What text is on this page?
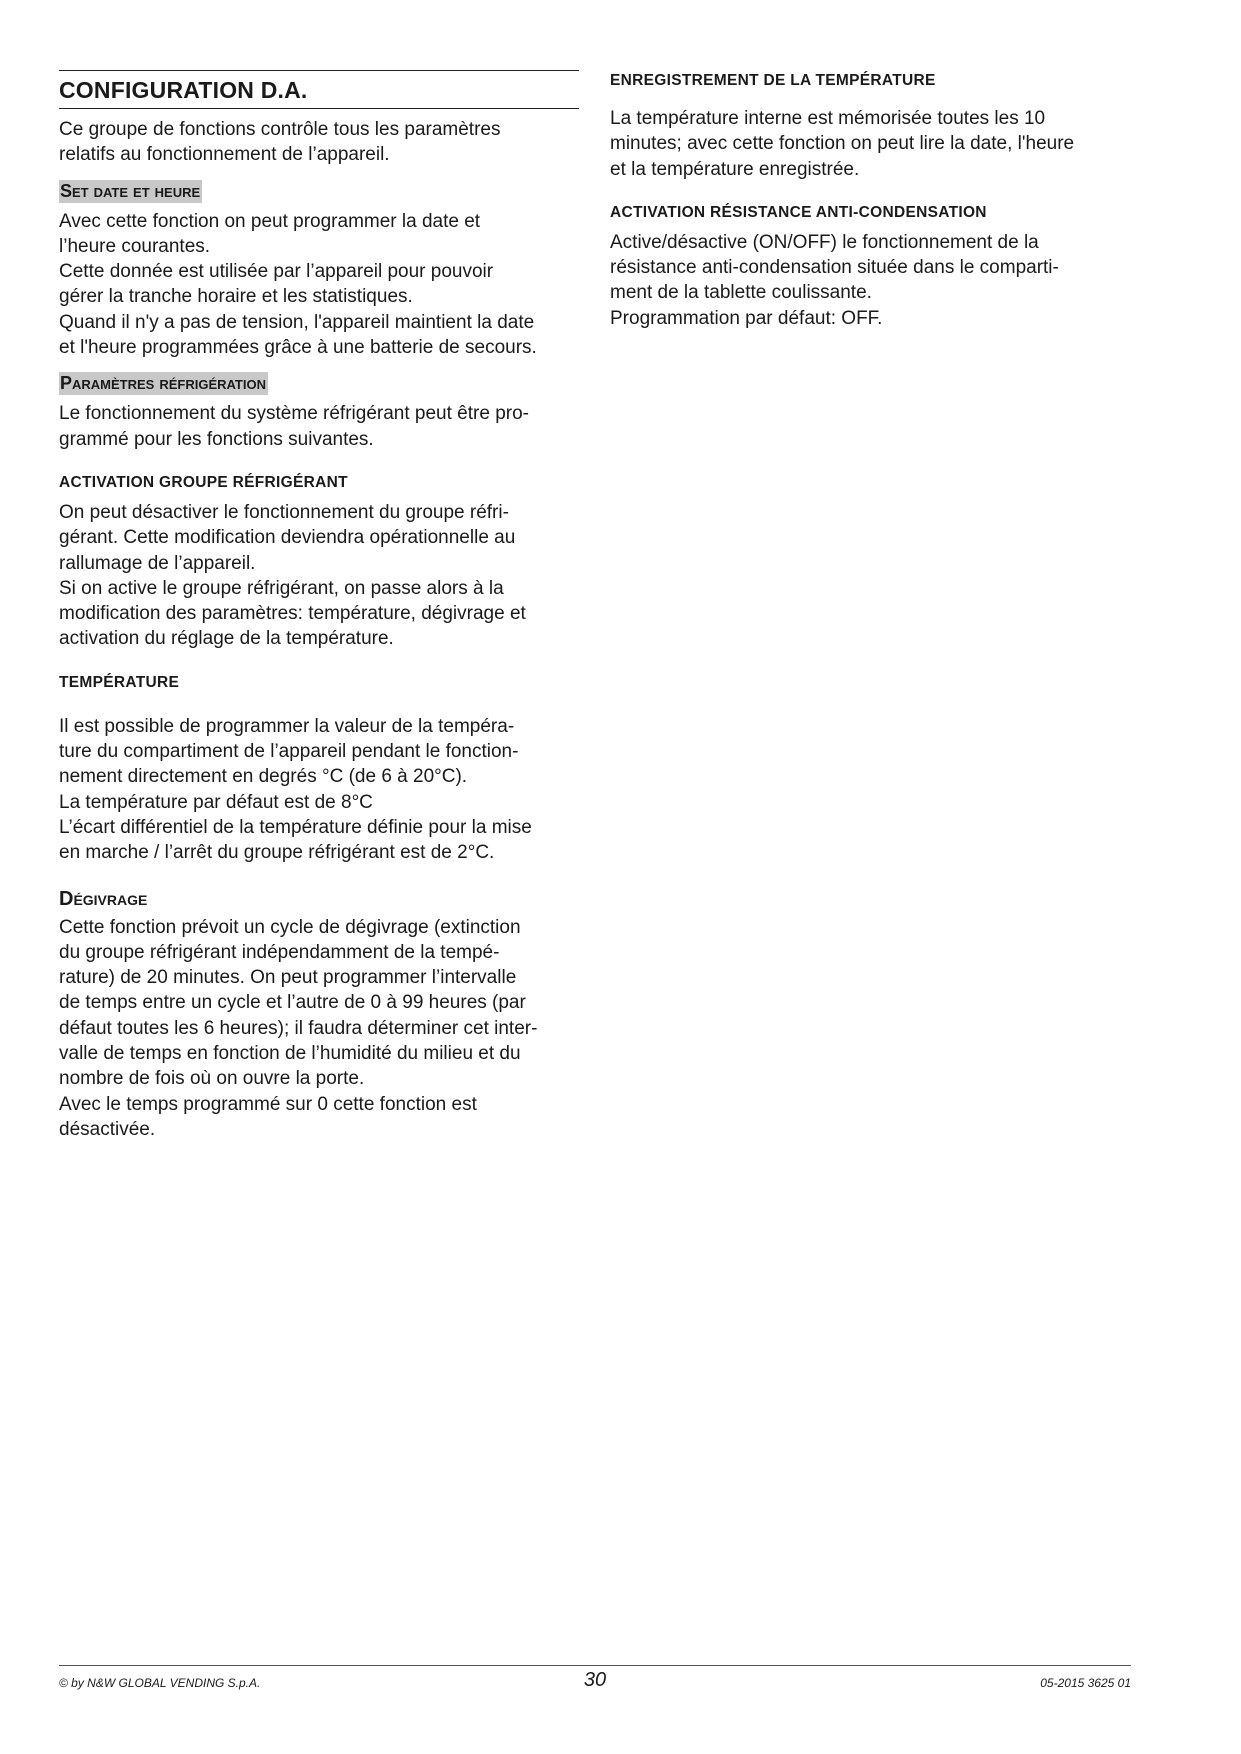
CONFIGURATION D.A.

Ce groupe de fonctions contrôle tous les paramètres

relatifs au fonctionnement de l’appareil.

Set date et heure

Avec cette fonction on peut programmer la date et

l’heure courantes.

Cette donnée est utilisée par l’appareil pour pouvoir

gérer la tranche horaire et les statistiques.

Quand il n'y a pas de tension, l'appareil maintient la date

et l'heure programmées grâce à une batterie de secours.

Paramètres réfrigération

Le fonctionnement du système réfrigérant peut être pro-

grammé pour les fonctions suivantes.

ACTIVATION GROUPE RÉFRIGÉRANT

On peut désactiver le fonctionnement du groupe réfri-

gérant. Cette modification deviendra opérationnelle au

rallumage de l’appareil.

Si on active le groupe réfrigérant, on passe alors à la

modification des paramètres: température, dégivrage et

activation du réglage de la température.

TEMPÉRATURE

Il est possible de programmer la valeur de la tempéra-

ture du compartiment de l’appareil pendant le fonction-

nement directement en degrés °C (de 6 à 20°C).

La température par défaut est de 8°C

L’écart différentiel de la température définie pour la mise

en marche / l’arrêt du groupe réfrigérant est de 2°C.

Dégivrage

Cette fonction prévoit un cycle de dégivrage (extinction

du groupe réfrigérant indépendamment de la tempé-

rature) de 20 minutes. On peut programmer l’intervalle

de temps entre un cycle et l’autre de 0 à 99 heures (par

défaut toutes les 6 heures); il faudra déterminer cet inter-

valle de temps en fonction de l’humidité du milieu et du

nombre de fois où on ouvre la porte.

Avec le temps programmé sur 0 cette fonction est

désactivée.

ENREGISTREMENT DE LA TEMPÉRATURE

La température interne est mémorisée toutes les 10

minutes; avec cette fonction on peut lire la date, l'heure

et la température enregistrée.

ACTIVATION RÉSISTANCE ANTI-CONDENSATION

Active/désactive (ON/OFF) le fonctionnement de la

résistance anti-condensation située dans le comparti-

ment de la tablette coulissante.

Programmation par défaut: OFF.

© by N&W GLOBAL VENDING S.p.A.	30	05-2015 3625 01
